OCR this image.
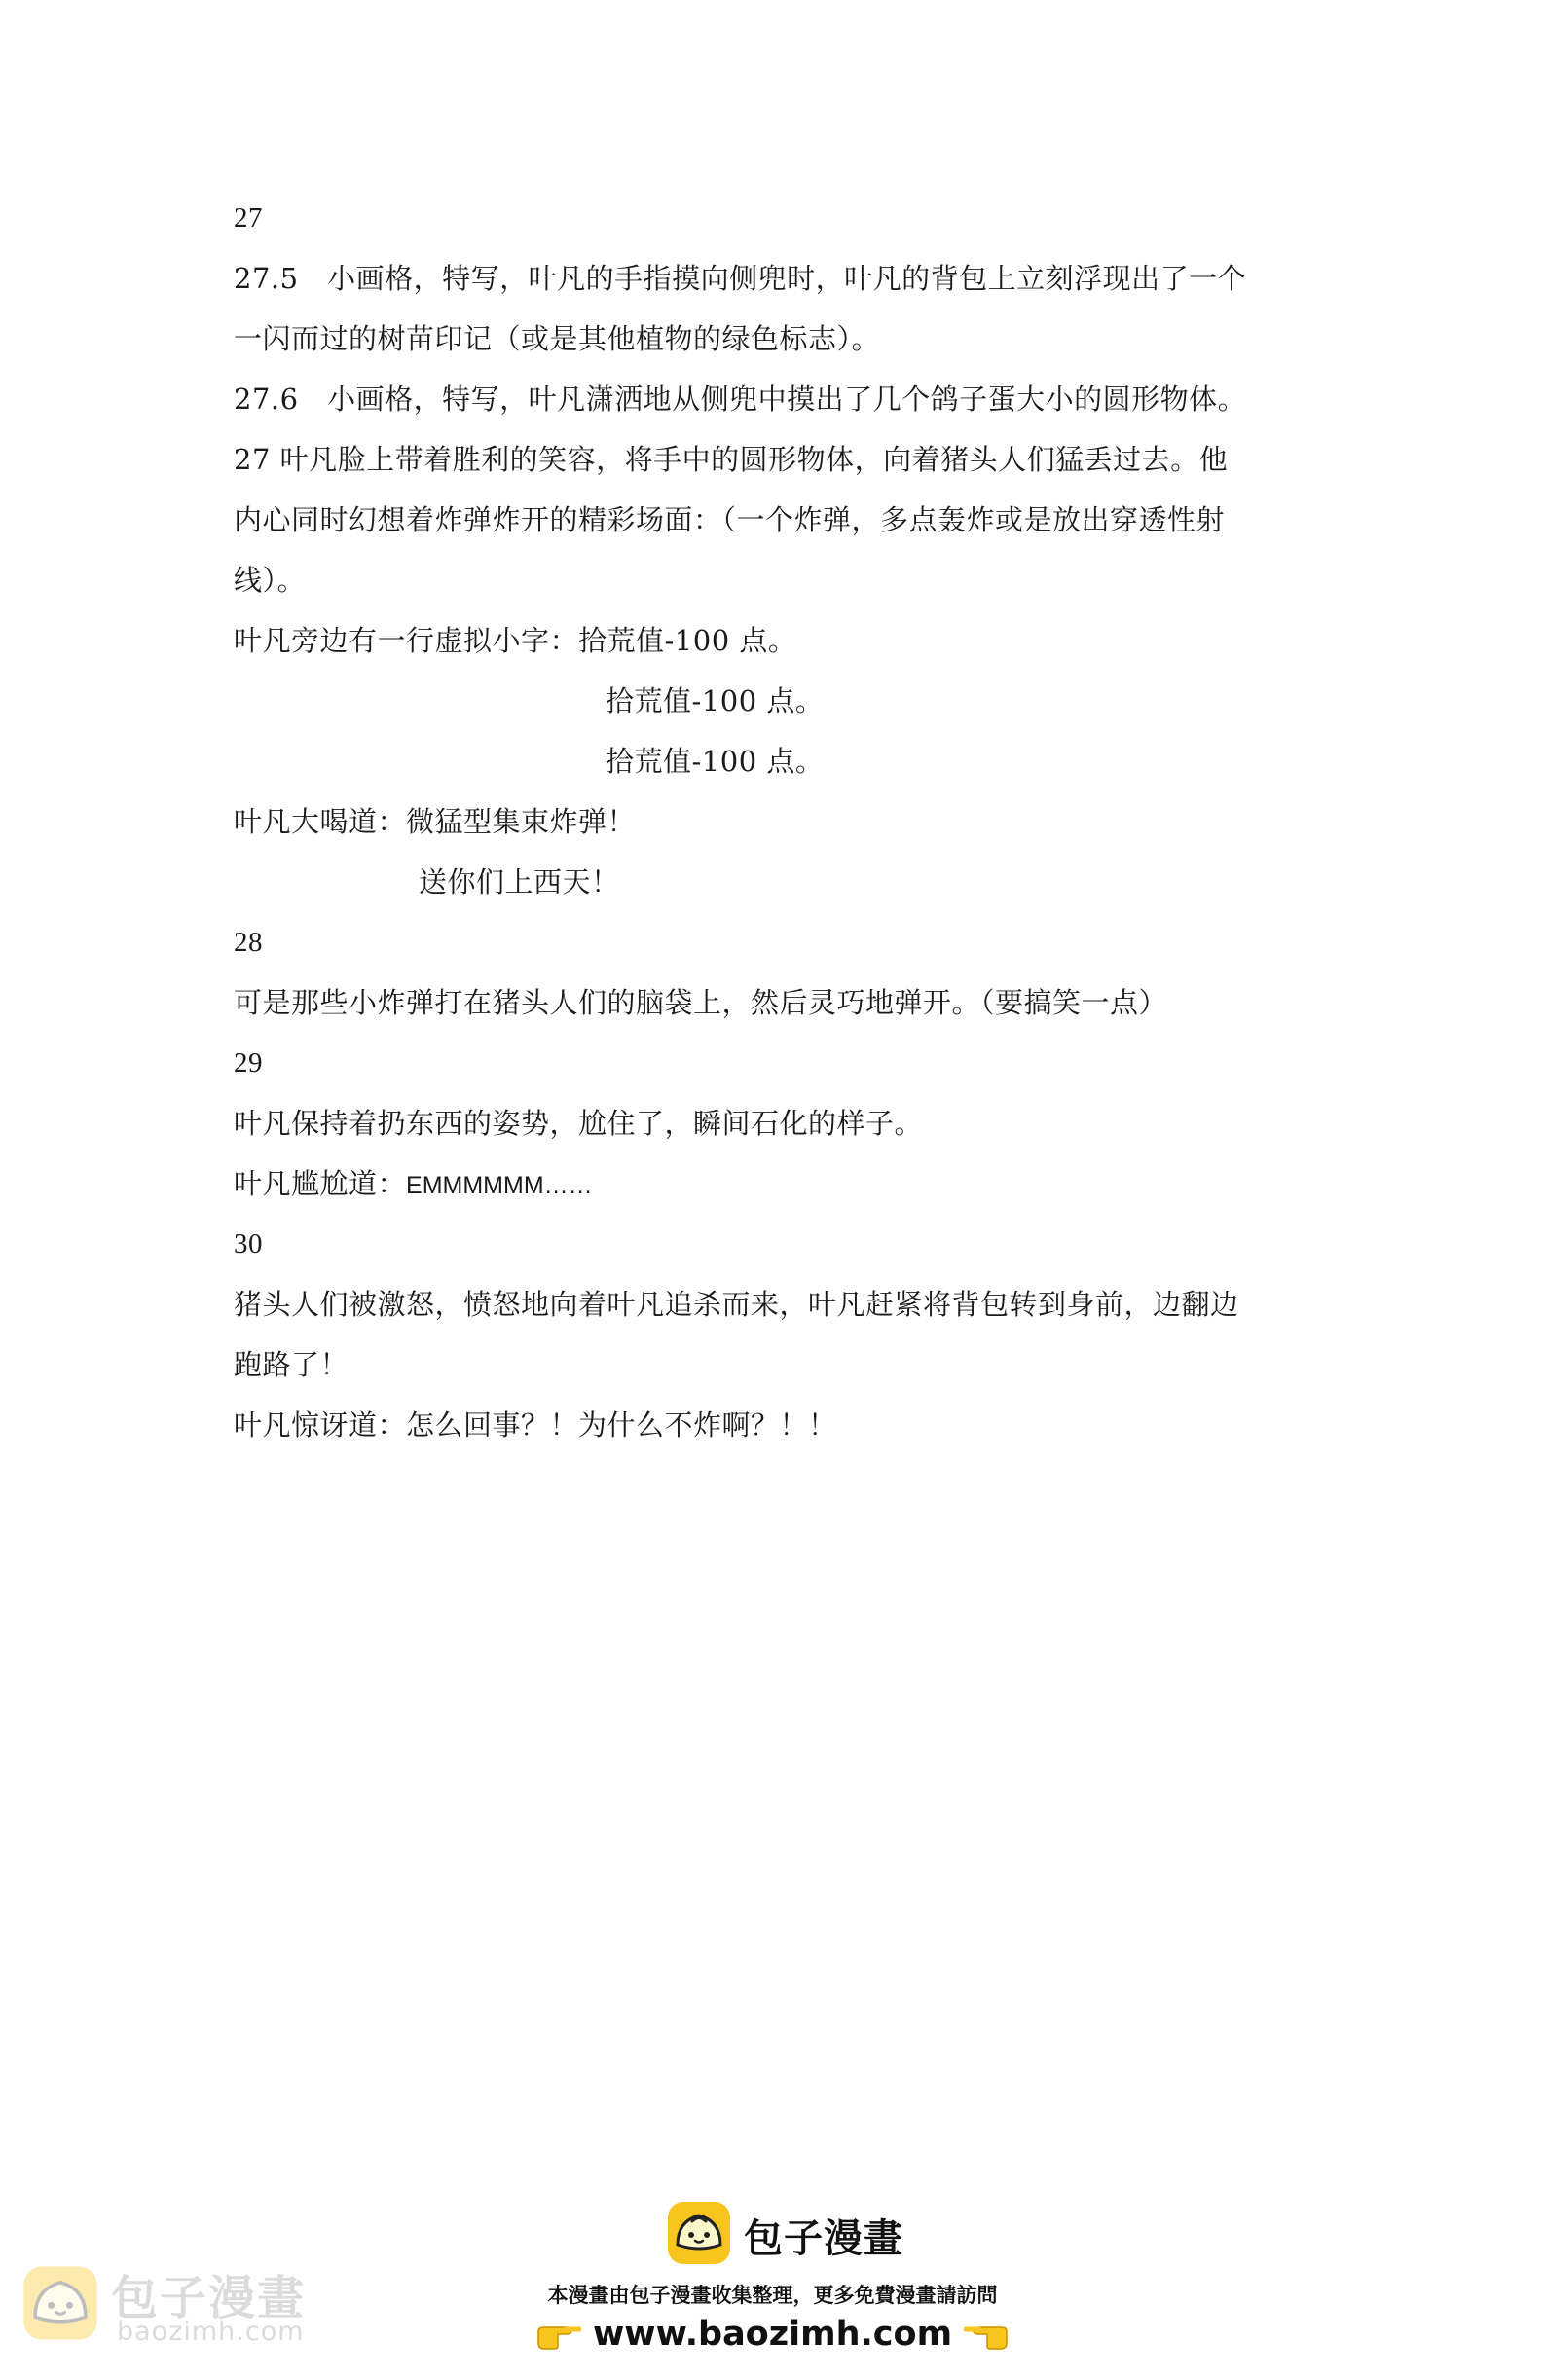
27
27.5　小画格，特写，叶凡的手指摸向侧兜时，叶凡的背包上立刻浮现出了一个
一闪而过的树苗印记（或是其他植物的绿色标志）。
27.6　小画格，特写，叶凡潇洒地从侧兜中摸出了几个鸽子蛋大小的圆形物体。
27 叶凡脸上带着胜利的笑容，将手中的圆形物体，向着猪头人们猛丢过去。他
内心同时幻想着炸弹炸开的精彩场面：（一个炸弹，多点轰炸或是放出穿透性射
线）。
叶凡旁边有一行虚拟小字：拾荒值-100 点。
拾荒值-100 点。
拾荒值-100 点。
叶凡大喝道：微猛型集束炸弹！
送你们上西天！
28
可是那些小炸弹打在猪头人们的脑袋上，然后灵巧地弹开。（要搞笑一点）
29
叶凡保持着扔东西的姿势，尬住了，瞬间石化的样子。
叶凡尴尬道：EMMMMMM……
30
猪头人们被激怒，愤怒地向着叶凡追杀而来，叶凡赶紧将背包转到身前，边翻边
跑路了！
叶凡惊讶道：怎么回事？！为什么不炸啊？！！
包子漫畫
本漫畫由包子漫畫收集整理，更多免費漫畫請訪問
www.baozimh.com
包子漫畫
baozimh.com
